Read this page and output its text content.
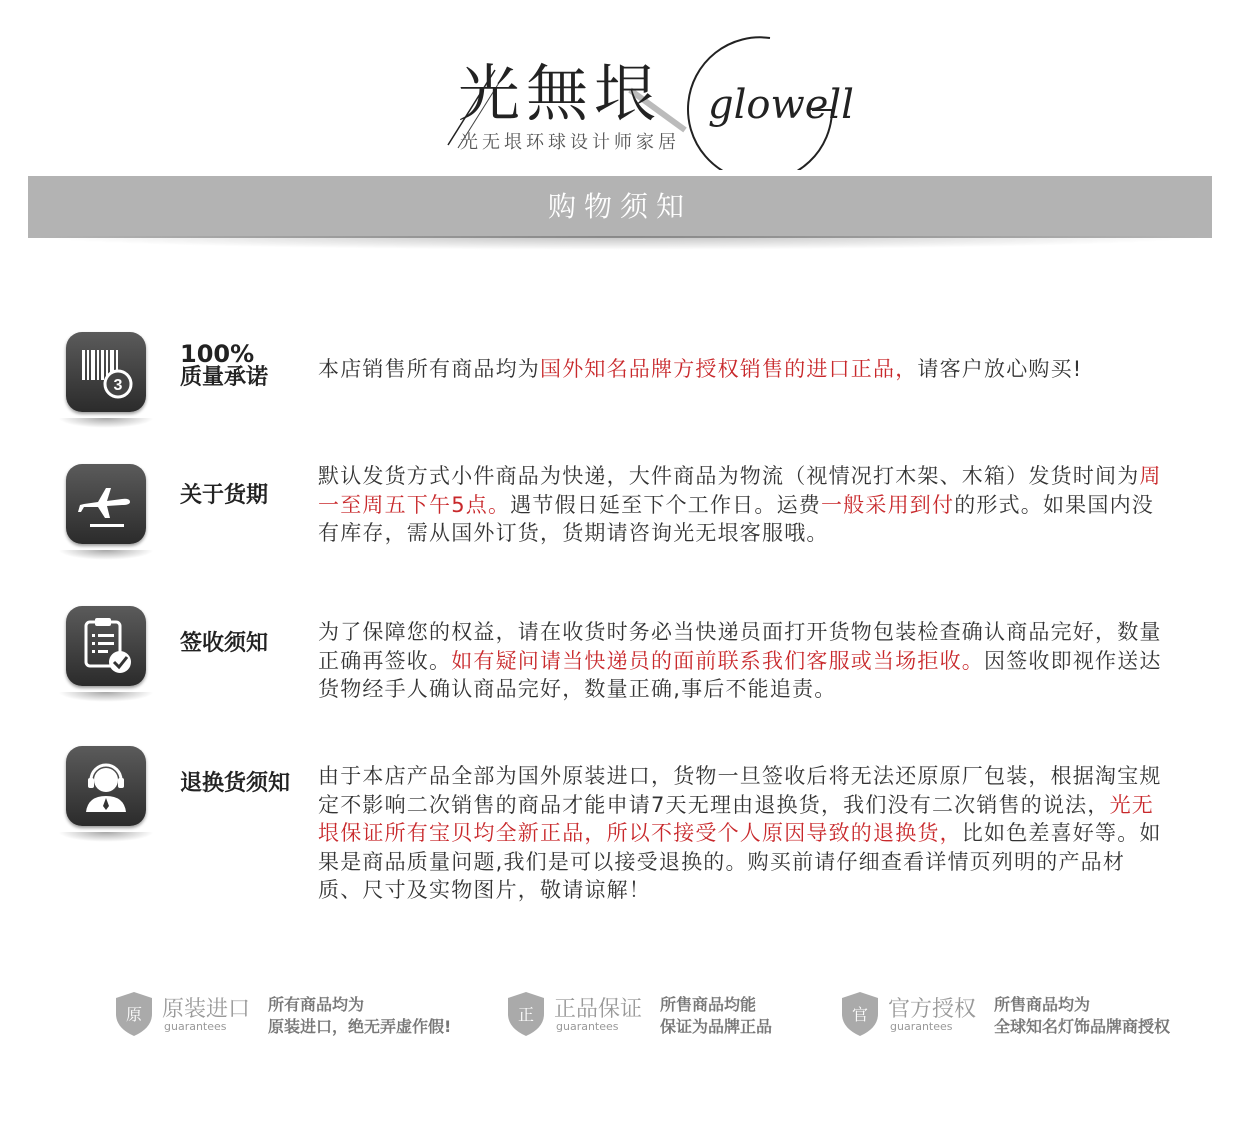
光無垠 glowell
光无垠环球设计师家居
购物须知
3
100%
质量承诺 本店销售所有商品均为国外知名品牌方授权销售的进口正品，请客户放心购买!
关于货期
默认发货方式小件商品为快递，大件商品为物流（视情况打木架、木箱）发货时间为周一至周五下午5点。遇节假日延至下个工作日。运费一般采用到付的形式。如果国内没有库存，需从国外订货，货期请咨询光无垠客服哦。
签收须知 为了保障您的权益，请在收货时务必当快递员面打开货物包装检查确认商品完好，数量正确再签收。如有疑问请当快递员的面前联系我们客服或当场拒收。因签收即视作送达货物经手人确认商品完好，数量正确,事后不能追责。
退换货须知 由于本店产品全部为国外原装进口，货物一旦签收后将无法还原原厂包装，根据淘宝规定不影响二次销售的商品才能申请7天无理由退换货，我们没有二次销售的说法，光无垠保证所有宝贝均全新正品，所以不接受个人原因导致的退换货，比如色差喜好等。如果是商品质量问题,我们是可以接受退换的。购买前请仔细查看详情页列明的产品材质、尺寸及实物图片，敬请谅解！
原 原装进口
guarantees
所有商品均为
原装进口，绝无弄虚作假!
正 正品保证
guarantees
所售商品均能
保证为品牌正品
官 官方授权
guarantees
所售商品均为
全球知名灯饰品牌商授权
